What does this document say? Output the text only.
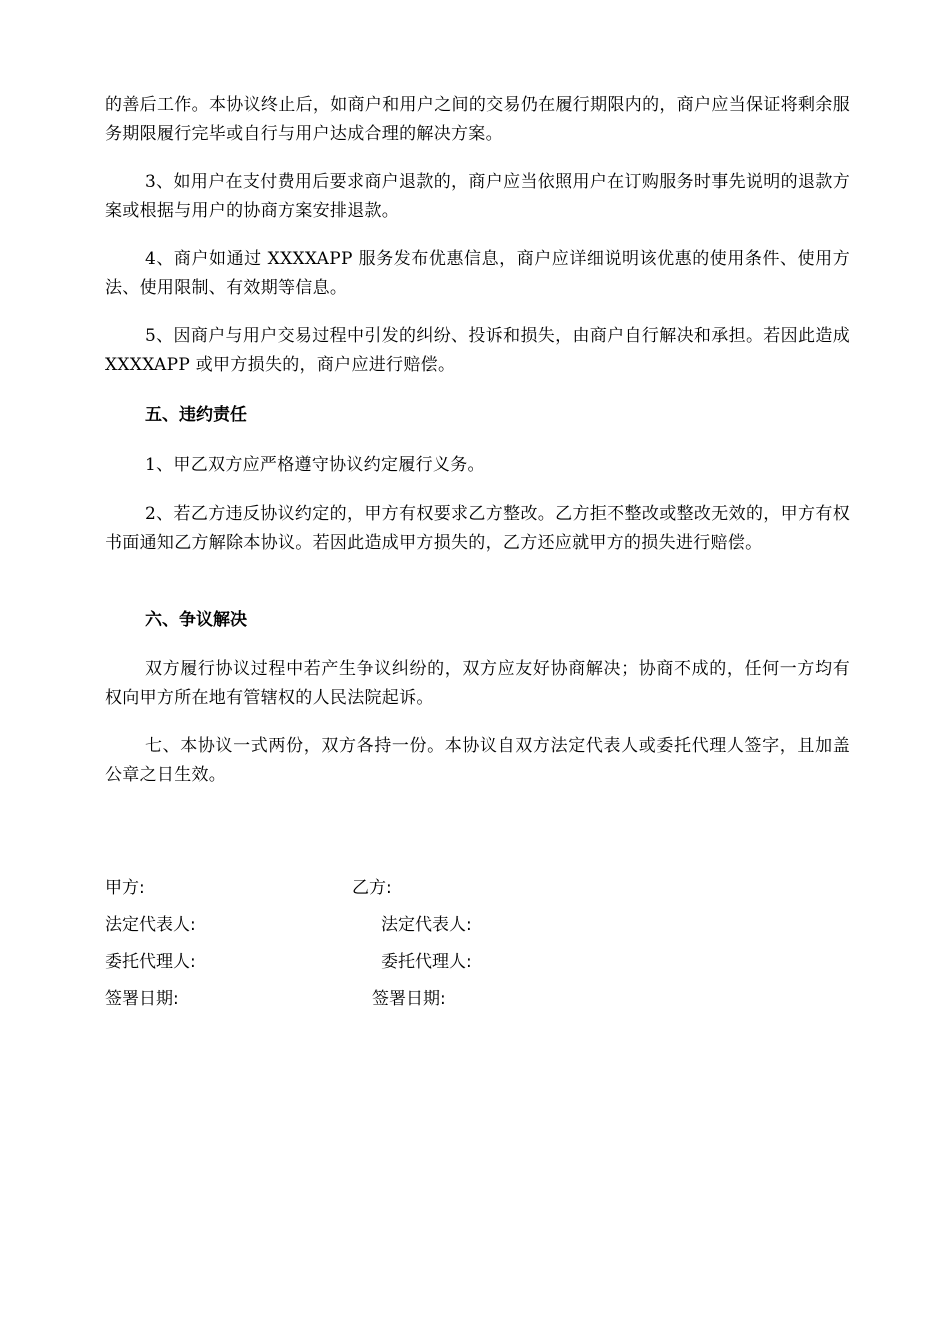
的善后工作。本协议终止后，如商户和用户之间的交易仍在履行期限内的，商户应当保证将剩余服务期限履行完毕或自行与用户达成合理的解决方案。

3、如用户在支付费用后要求商户退款的，商户应当依照用户在订购服务时事先说明的退款方案或根据与用户的协商方案安排退款。

4、商户如通过 XXXXAPP 服务发布优惠信息，商户应详细说明该优惠的使用条件、使用方法、使用限制、有效期等信息。

5、因商户与用户交易过程中引发的纠纷、投诉和损失，由商户自行解决和承担。若因此造成 XXXXAPP 或甲方损失的，商户应进行赔偿。

五、违约责任

1、甲乙双方应严格遵守协议约定履行义务。

2、若乙方违反协议约定的，甲方有权要求乙方整改。乙方拒不整改或整改无效的，甲方有权书面通知乙方解除本协议。若因此造成甲方损失的，乙方还应就甲方的损失进行赔偿。

六、争议解决

双方履行协议过程中若产生争议纠纷的，双方应友好协商解决；协商不成的，任何一方均有权向甲方所在地有管辖权的人民法院起诉。

七、本协议一式两份，双方各持一份。本协议自双方法定代表人或委托代理人签字，且加盖公章之日生效。

甲方:	乙方:

法定代表人:	法定代表人:

委托代理人:	委托代理人:

签署日期:	签署日期:
